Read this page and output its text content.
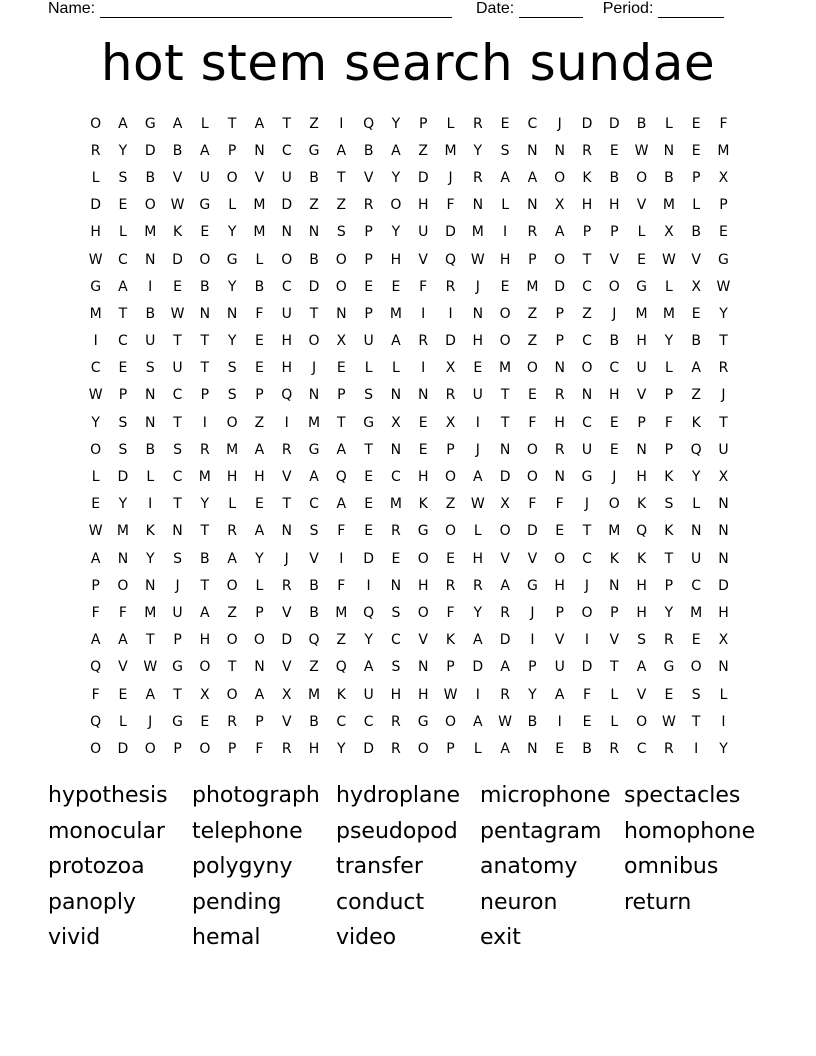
Name:	Date:	Period:
hot stem search sundae
O	A	G	A	L	T	A	T	Z	I	Q	Y	P	L	R	E	C	J	D	D	B	L	E	F
R	Y	D	B	A	P	N	C	G	A	B	A	Z	M	Y	S	N	N	R	E	W	N	E	M
L	S	B	V	U	O	V	U	B	T	V	Y	D	J	R	A	A	O	K	B	O	B	P	X
D	E	O	W	G	L	M	D	Z	Z	R	O	H	F	N	L	N	X	H	H	V	M	L	P
H	L	M	K	E	Y	M	N	N	S	P	Y	U	D	M	I	R	A	P	P	L	X	B	E
W	C	N	D	O	G	L	O	B	O	P	H	V	Q	W	H	P	O	T	V	E	W	V	G
G	A	I	E	B	Y	B	C	D	O	E	E	F	R	J	E	M	D	C	O	G	L	X	W
M	T	B	W	N	N	F	U	T	N	P	M	I	I	N	O	Z	P	Z	J	M	M	E	Y
I	C	U	T	T	Y	E	H	O	X	U	A	R	D	H	O	Z	P	C	B	H	Y	B	T
C	E	S	U	T	S	E	H	J	E	L	L	I	X	E	M	O	N	O	C	U	L	A	R
W	P	N	C	P	S	P	Q	N	P	S	N	N	R	U	T	E	R	N	H	V	P	Z	J
Y	S	N	T	I	O	Z	I	M	T	G	X	E	X	I	T	F	H	C	E	P	F	K	T
O	S	B	S	R	M	A	R	G	A	T	N	E	P	J	N	O	R	U	E	N	P	Q	U
L	D	L	C	M	H	H	V	A	Q	E	C	H	O	A	D	O	N	G	J	H	K	Y	X
E	Y	I	T	Y	L	E	T	C	A	E	M	K	Z	W	X	F	F	J	O	K	S	L	N
W	M	K	N	T	R	A	N	S	F	E	R	G	O	L	O	D	E	T	M	Q	K	N	N
A	N	Y	S	B	A	Y	J	V	I	D	E	O	E	H	V	V	O	C	K	K	T	U	N
P	O	N	J	T	O	L	R	B	F	I	N	H	R	R	A	G	H	J	N	H	P	C	D
F	F	M	U	A	Z	P	V	B	M	Q	S	O	F	Y	R	J	P	O	P	H	Y	M	H
A	A	T	P	H	O	O	D	Q	Z	Y	C	V	K	A	D	I	V	I	V	S	R	E	X
Q	V	W	G	O	T	N	V	Z	Q	A	S	N	P	D	A	P	U	D	T	A	G	O	N
F	E	A	T	X	O	A	X	M	K	U	H	H	W	I	R	Y	A	F	L	V	E	S	L
Q	L	J	G	E	R	P	V	B	C	C	R	G	O	A	W	B	I	E	L	O	W	T	I
O	D	O	P	O	P	F	R	H	Y	D	R	O	P	L	A	N	E	B	R	C	R	I	Y
hypothesis	photograph hydroplane microphone spectacles
monocular	telephone	pseudopod	pentagram	homophone
protozoa	polygyny	transfer	anatomy	omnibus
panoply	pending	conduct	neuron	return
vivid	hemal	video	exit
